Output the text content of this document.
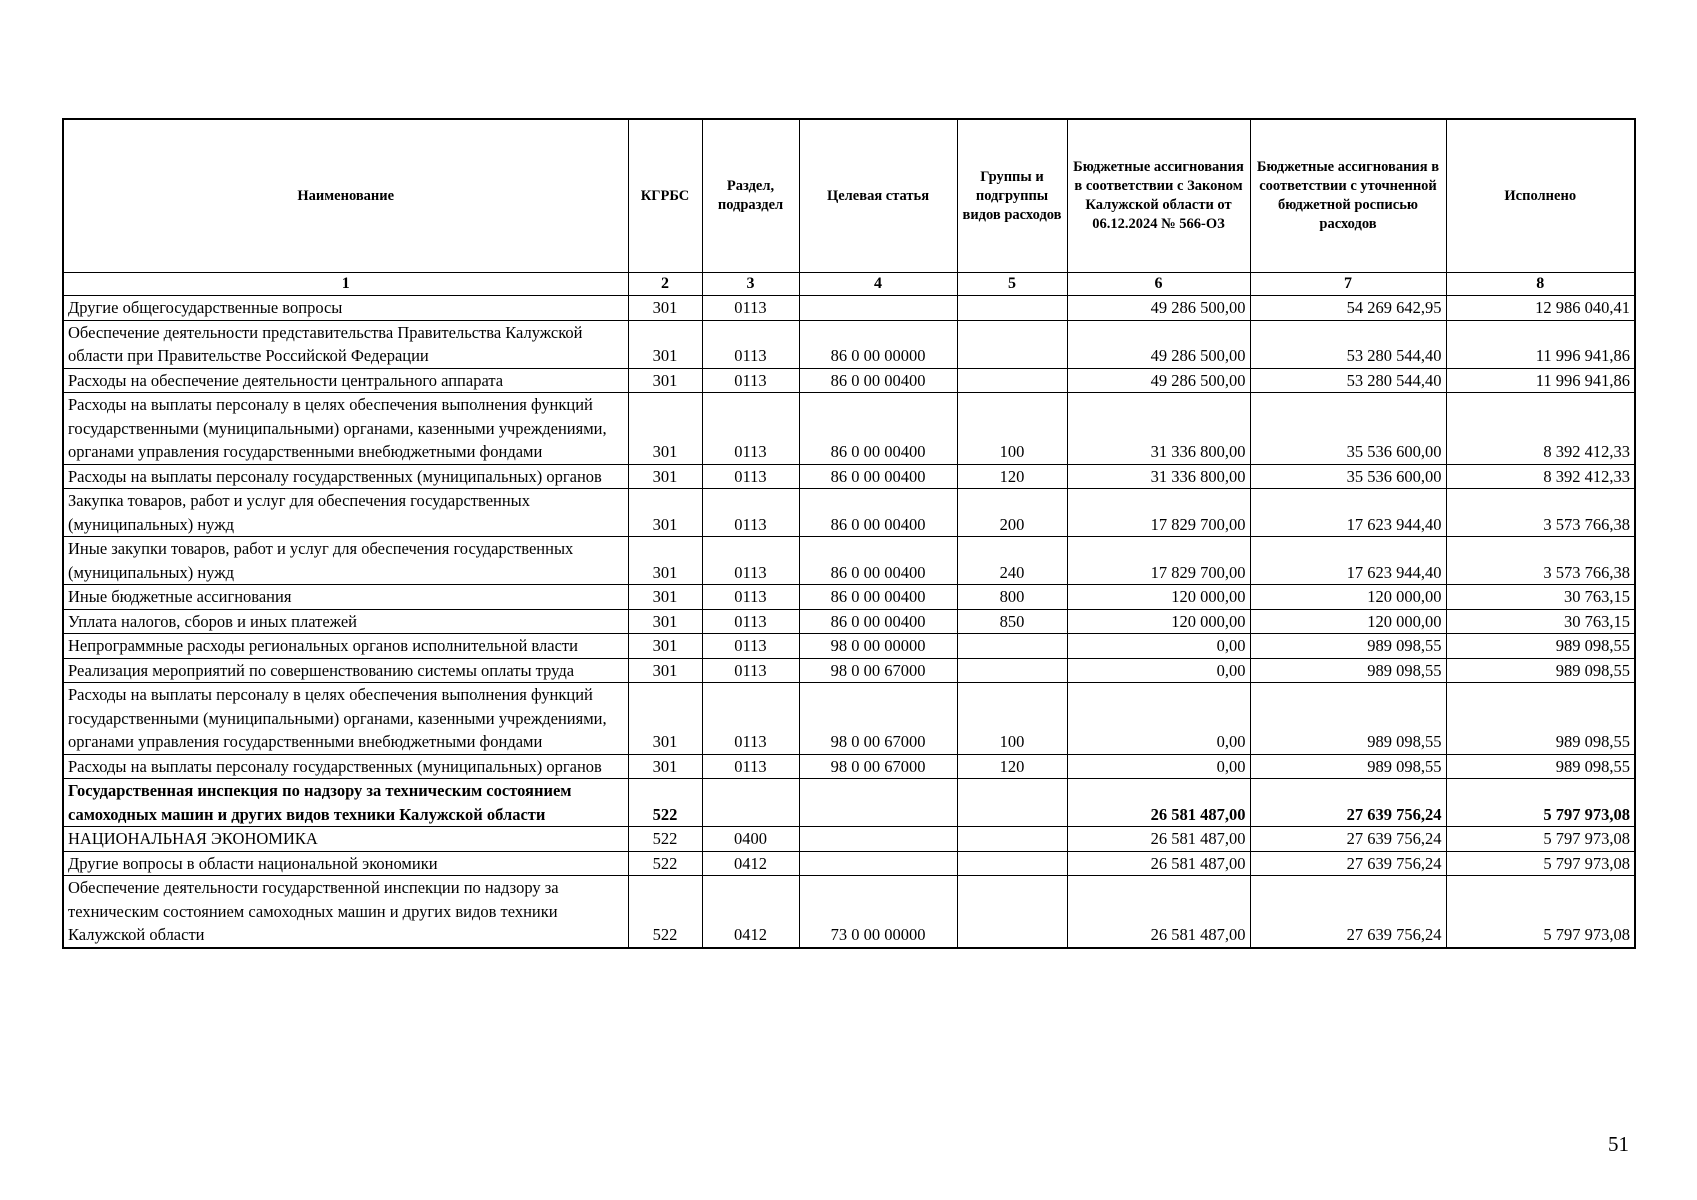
Наименование	КГРБС	Раздел, подраздел	Целевая статья	Группы и подгруппы видов расходов	Бюджетные ассигнования в соответствии с Законом Калужской области от 06.12.2024 № 566-ОЗ	Бюджетные ассигнования в соответствии с уточненной бюджетной росписью расходов	Исполнено
1	2	3	4	5	6	7	8
Другие общегосударственные вопросы	301	0113			49 286 500,00	54 269 642,95	12 986 040,41
Обеспечение деятельности представительства Правительства Калужской области при Правительстве Российской Федерации	301	0113	86 0 00 00000		49 286 500,00	53 280 544,40	11 996 941,86
Расходы на обеспечение деятельности центрального аппарата	301	0113	86 0 00 00400		49 286 500,00	53 280 544,40	11 996 941,86
Расходы на выплаты персоналу в целях обеспечения выполнения функций государственными (муниципальными) органами, казенными учреждениями, органами управления государственными внебюджетными фондами	301	0113	86 0 00 00400	100	31 336 800,00	35 536 600,00	8 392 412,33
Расходы на выплаты персоналу государственных (муниципальных) органов	301	0113	86 0 00 00400	120	31 336 800,00	35 536 600,00	8 392 412,33
Закупка товаров, работ и услуг для обеспечения государственных (муниципальных) нужд	301	0113	86 0 00 00400	200	17 829 700,00	17 623 944,40	3 573 766,38
Иные закупки товаров, работ и услуг для обеспечения государственных (муниципальных) нужд	301	0113	86 0 00 00400	240	17 829 700,00	17 623 944,40	3 573 766,38
Иные бюджетные ассигнования	301	0113	86 0 00 00400	800	120 000,00	120 000,00	30 763,15
Уплата налогов, сборов и иных платежей	301	0113	86 0 00 00400	850	120 000,00	120 000,00	30 763,15
Непрограммные расходы региональных органов исполнительной власти	301	0113	98 0 00 00000		0,00	989 098,55	989 098,55
Реализация мероприятий по совершенствованию системы оплаты труда	301	0113	98 0 00 67000		0,00	989 098,55	989 098,55
Расходы на выплаты персоналу в целях обеспечения выполнения функций государственными (муниципальными) органами, казенными учреждениями, органами управления государственными внебюджетными фондами	301	0113	98 0 00 67000	100	0,00	989 098,55	989 098,55
Расходы на выплаты персоналу государственных (муниципальных) органов	301	0113	98 0 00 67000	120	0,00	989 098,55	989 098,55
Государственная инспекция по надзору за техническим состоянием самоходных машин и других видов техники Калужской области	522				26 581 487,00	27 639 756,24	5 797 973,08
НАЦИОНАЛЬНАЯ ЭКОНОМИКА	522	0400			26 581 487,00	27 639 756,24	5 797 973,08
Другие вопросы в области национальной экономики	522	0412			26 581 487,00	27 639 756,24	5 797 973,08
Обеспечение деятельности государственной инспекции по надзору за техническим состоянием самоходных машин и других видов техники Калужской области	522	0412	73 0 00 00000		26 581 487,00	27 639 756,24	5 797 973,08
51
